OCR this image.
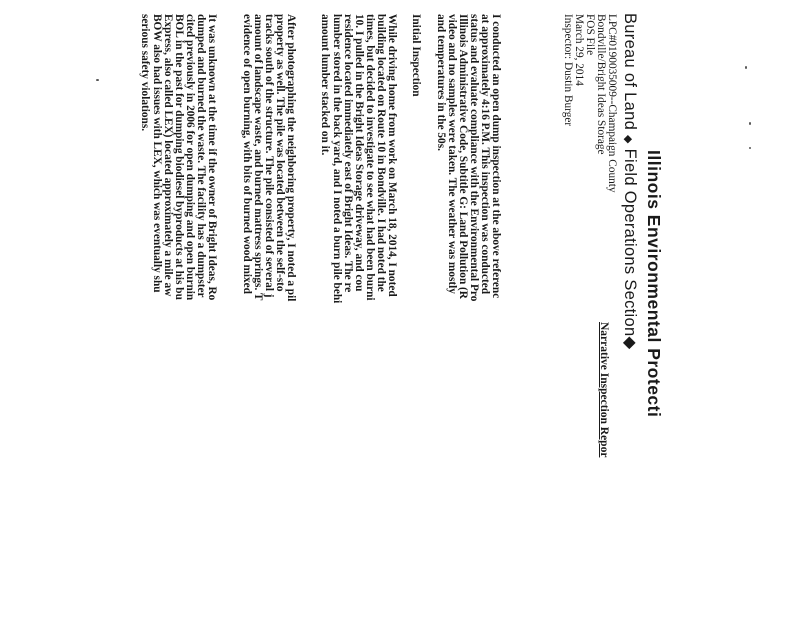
Illinois Environmental Protecti
Bureau of Land ◆ Field Operations Section◆
Narrative Inspection Repor
LPC#0190035009--Champaign County
Bondville/Bright Ideas Storage
FOS File
March 29, 2014
Inspector: Dustin Burger
I conducted an open dump inspection at the above referenc
at approximately 4:16 P.M. This inspection was conducted
status and evaluate compliance with the Environmental Pro
Illinois Administrative Code, Subtitle G: Land Pollution (R
video and no samples were taken. The weather was mostly
and temperatures in the 50s.
Initial Inspection
While driving home from work on March 18, 2014, I noted
building located on Route 10 in Bondville. I had noted the
times, but decided to investigate to see what had been burni
10. I pulled in the Bright Ideas Storage driveway, and cou
residence located immediately east of Bright Ideas. The re
lumber stored in the back yard, and I noted a burn pile behi
amount lumber stacked on it.
After photographing the neighboring property, I noted a pil
property as well. The pile was located between the self-sto
tracks south of the structure. The pile consisted of several j
amount of landscape waste, and burned mattress springs. T
evidence of open burning, with bits of burned wood mixed
It was unknown at the time if the owner of Bright Ideas, Ro
dumped and burned the waste. The facility has a dumpster
cited previously in 2006 for open dumping and open burnin
BOL in the past for dumping biodiesel byproducts at his bu
Express, also called LEX) located approximately a mile aw
BOW also had issues with LEX, which was eventually shu
serious safety violations.
